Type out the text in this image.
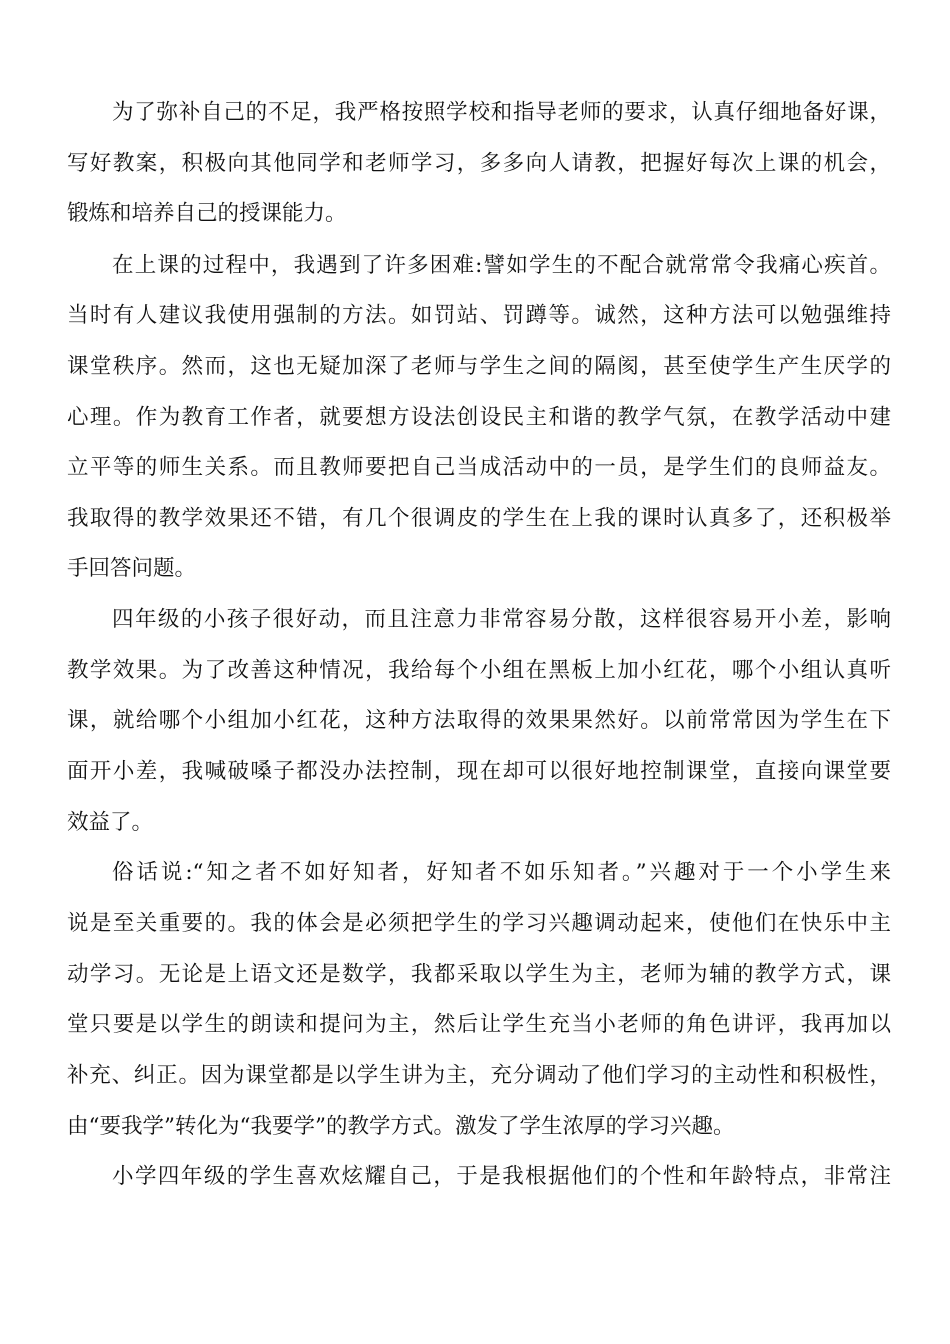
为了弥补自己的不足，我严格按照学校和指导老师的要求，认真仔细地备好课，
写好教案，积极向其他同学和老师学习，多多向人请教，把握好每次上课的机会，
锻炼和培养自己的授课能力。
在上课的过程中，我遇到了许多困难:譬如学生的不配合就常常令我痛心疾首。
当时有人建议我使用强制的方法。如罚站、罚蹲等。诚然，这种方法可以勉强维持
课堂秩序。然而，这也无疑加深了老师与学生之间的隔阂，甚至使学生产生厌学的
心理。作为教育工作者，就要想方设法创设民主和谐的教学气氛，在教学活动中建
立平等的师生关系。而且教师要把自己当成活动中的一员，是学生们的良师益友。
我取得的教学效果还不错，有几个很调皮的学生在上我的课时认真多了，还积极举
手回答问题。
四年级的小孩子很好动，而且注意力非常容易分散，这样很容易开小差，影响
教学效果。为了改善这种情况，我给每个小组在黑板上加小红花，哪个小组认真听
课，就给哪个小组加小红花，这种方法取得的效果果然好。以前常常因为学生在下
面开小差，我喊破嗓子都没办法控制，现在却可以很好地控制课堂，直接向课堂要
效益了。
俗话说:“知之者不如好知者，好知者不如乐知者。”兴趣对于一个小学生来
说是至关重要的。我的体会是必须把学生的学习兴趣调动起来，使他们在快乐中主
动学习。无论是上语文还是数学，我都采取以学生为主，老师为辅的教学方式，课
堂只要是以学生的朗读和提问为主，然后让学生充当小老师的角色讲评，我再加以
补充、纠正。因为课堂都是以学生讲为主，充分调动了他们学习的主动性和积极性，
由“要我学”转化为“我要学”的教学方式。激发了学生浓厚的学习兴趣。
小学四年级的学生喜欢炫耀自己，于是我根据他们的个性和年龄特点，非常注
